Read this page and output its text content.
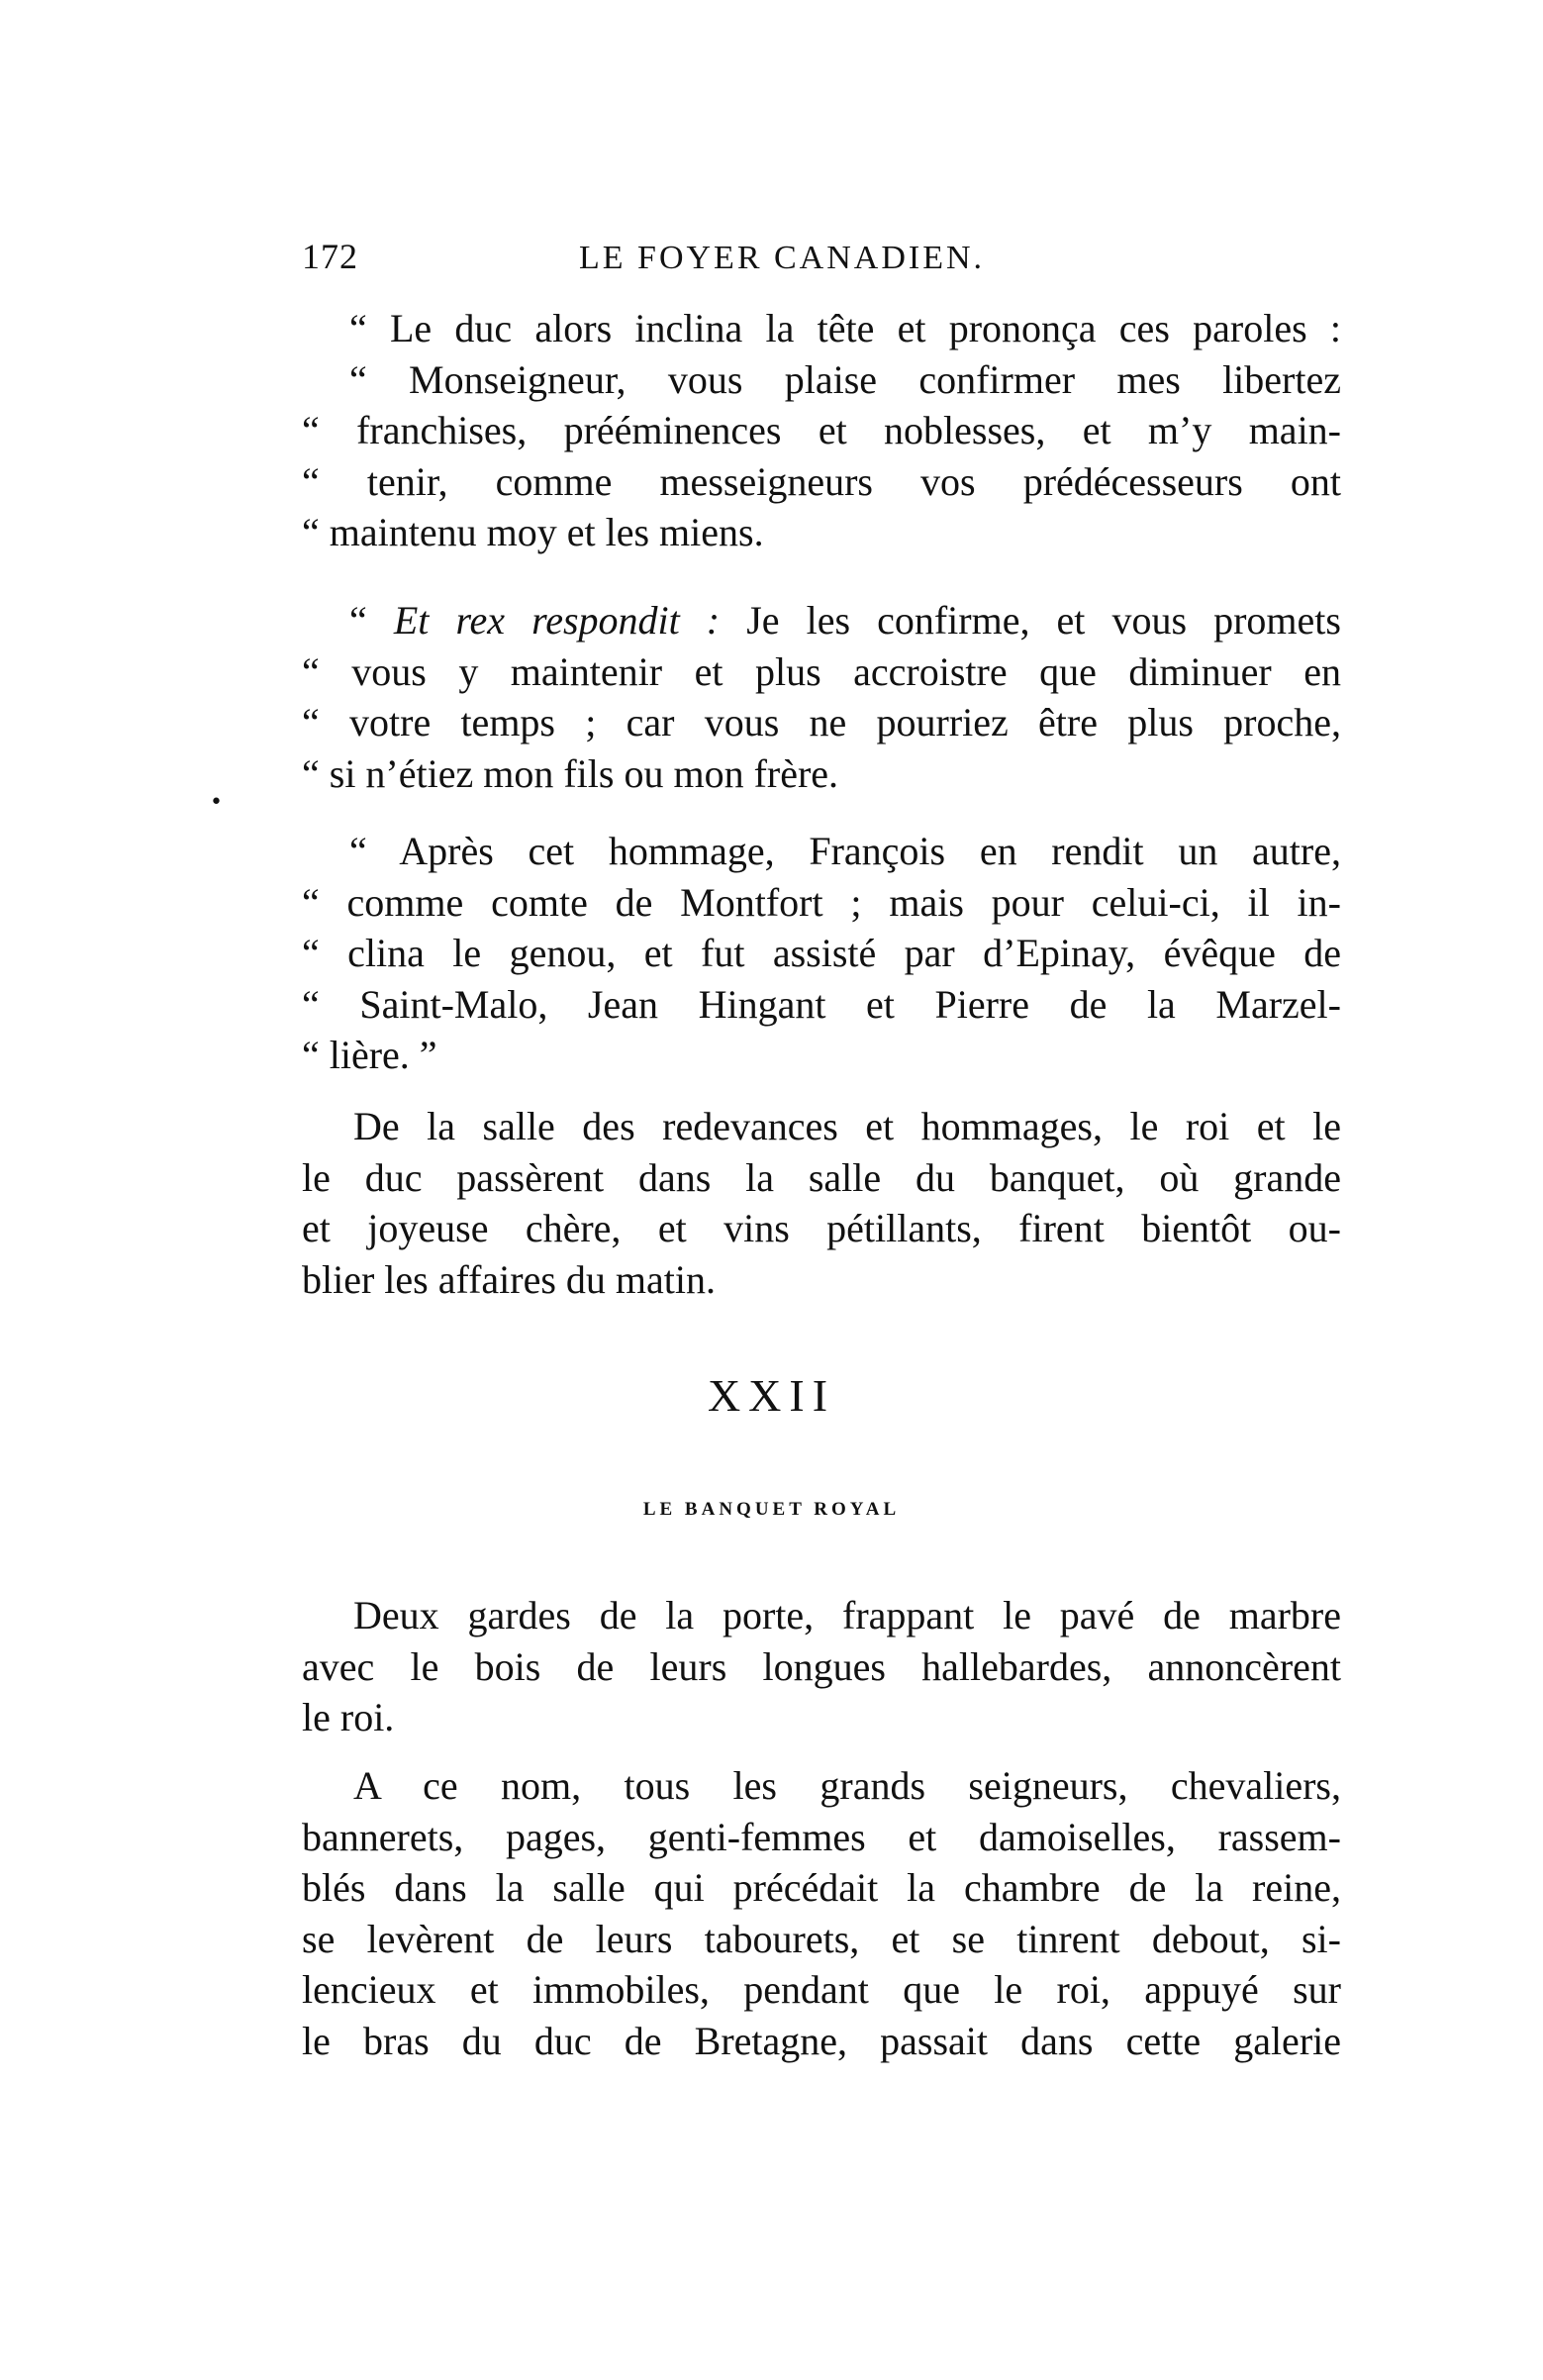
172	LE FOYER CANADIEN.
•
“ Le duc alors inclina la tête et prononça ces paroles :
“ Monseigneur, vous plaise confirmer mes libertez
“ franchises, prééminences et noblesses, et m’y main-
“ tenir, comme messeigneurs vos prédécesseurs ont
“ maintenu moy et les miens.
“ Et rex respondit : Je les confirme, et vous promets
“ vous y maintenir et plus accroistre que diminuer en
“ votre temps ; car vous ne pourriez être plus proche,
“ si n’étiez mon fils ou mon frère.
“ Après cet hommage, François en rendit un autre,
“ comme comte de Montfort ; mais pour celui-ci, il in-
“ clina le genou, et fut assisté par d’Epinay, évêque de
“ Saint-Malo, Jean Hingant et Pierre de la Marzel-
“ lière. ”
De la salle des redevances et hommages, le roi et le
le duc passèrent dans la salle du banquet, où grande
et joyeuse chère, et vins pétillants, firent bientôt ou-
blier les affaires du matin.
XXII
LE BANQUET ROYAL
Deux gardes de la porte, frappant le pavé de marbre
avec le bois de leurs longues hallebardes, annoncèrent
le roi.
A ce nom, tous les grands seigneurs, chevaliers,
bannerets, pages, genti-femmes et damoiselles, rassem-
blés dans la salle qui précédait la chambre de la reine,
se levèrent de leurs tabourets, et se tinrent debout, si-
lencieux et immobiles, pendant que le roi, appuyé sur
le bras du duc de Bretagne, passait dans cette galerie
